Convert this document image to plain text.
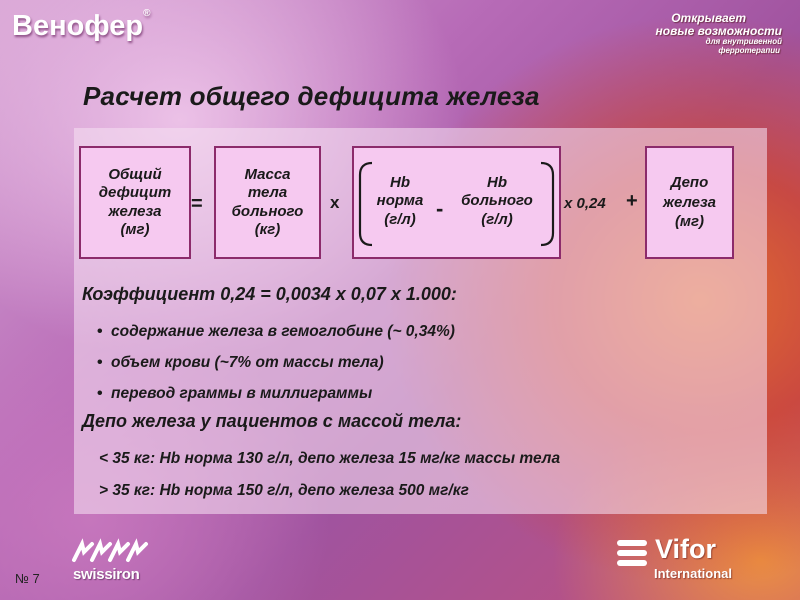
Венофер®	Открывает
новые возможности
для внутривенной
ферротерапии
Расчет общего дефицита железа
Общий
дефицит
железа
(мг)
=
Масса
тела
больного
(кг)
x
Hb
норма
(г/л) -
Hb
больного
(г/л)
x 0,24 +
Депо
железа
(мг)
Коэффициент 0,24 = 0,0034 x 0,07 x 1.000:
• содержание железа в гемоглобине (~ 0,34%)
• объем крови (~7% от массы тела)
• перевод граммы в миллиграммы
Депо железа у пациентов с массой тела:
< 35 кг: Hb норма 130 г/л, депо железа 15 мг/кг массы тела
> 35 кг: Hb норма 150 г/л, депо железа 500 мг/кг
№ 7 swissiron
Vifor
International
